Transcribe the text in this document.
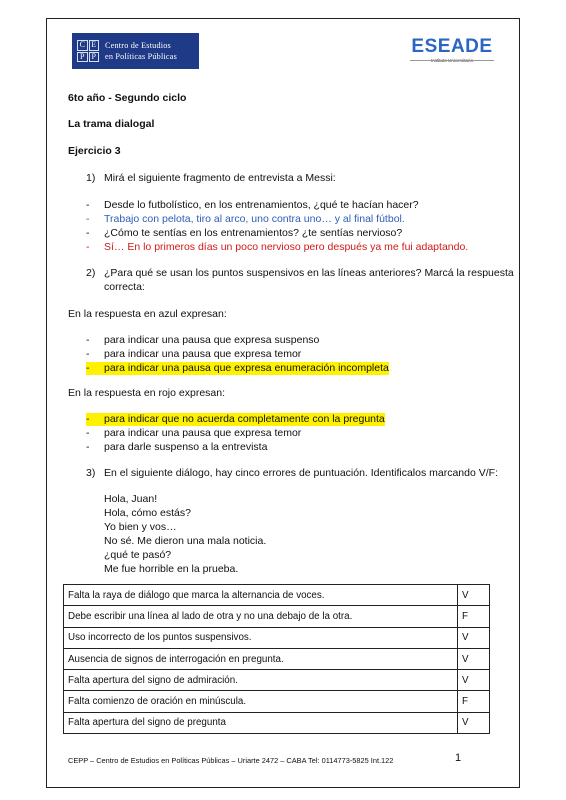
C E
P P
Centro de Estudios
en Políticas Públicas	ESEADE
Instituto Universitario
6to año - Segundo ciclo
La trama dialogal
Ejercicio 3
1) Mirá el siguiente fragmento de entrevista a Messi:
- Desde lo futbolístico, en los entrenamientos, ¿qué te hacían hacer?
- Trabajo con pelota, tiro al arco, uno contra uno… y al final fútbol.
- ¿Cómo te sentías en los entrenamientos? ¿te sentías nervioso?
- Sí… En lo primeros días un poco nervioso pero después ya me fui adaptando.
2) ¿Para qué se usan los puntos suspensivos en las líneas anteriores? Marcá la respuesta
correcta:
En la respuesta en azul expresan:
- para indicar una pausa que expresa suspenso
- para indicar una pausa que expresa temor
-	para indicar una pausa que expresa enumeración incompleta
En la respuesta en rojo expresan:
-	para indicar que no acuerda completamente con la pregunta
- para indicar una pausa que expresa temor
- para darle suspenso a la entrevista
3) En el siguiente diálogo, hay cinco errores de puntuación. Identificalos marcando V/F:
Hola, Juan!
Hola, cómo estás?
Yo bien y vos…
No sé. Me dieron una mala noticia.
¿qué te pasó?
Me fue horrible en la prueba.
Falta la raya de diálogo que marca la alternancia de voces.	V
Debe escribir una línea al lado de otra y no una debajo de la otra.	F
Uso incorrecto de los puntos suspensivos.	V
Ausencia de signos de interrogación en pregunta.	V
Falta apertura del signo de admiración.	V
Falta comienzo de oración en minúscula.	F
Falta apertura del signo de pregunta	V
CEPP – Centro de Estudios en Políticas Públicas – Uriarte 2472 – CABA Tel: 0114773-5825 Int.122	1
